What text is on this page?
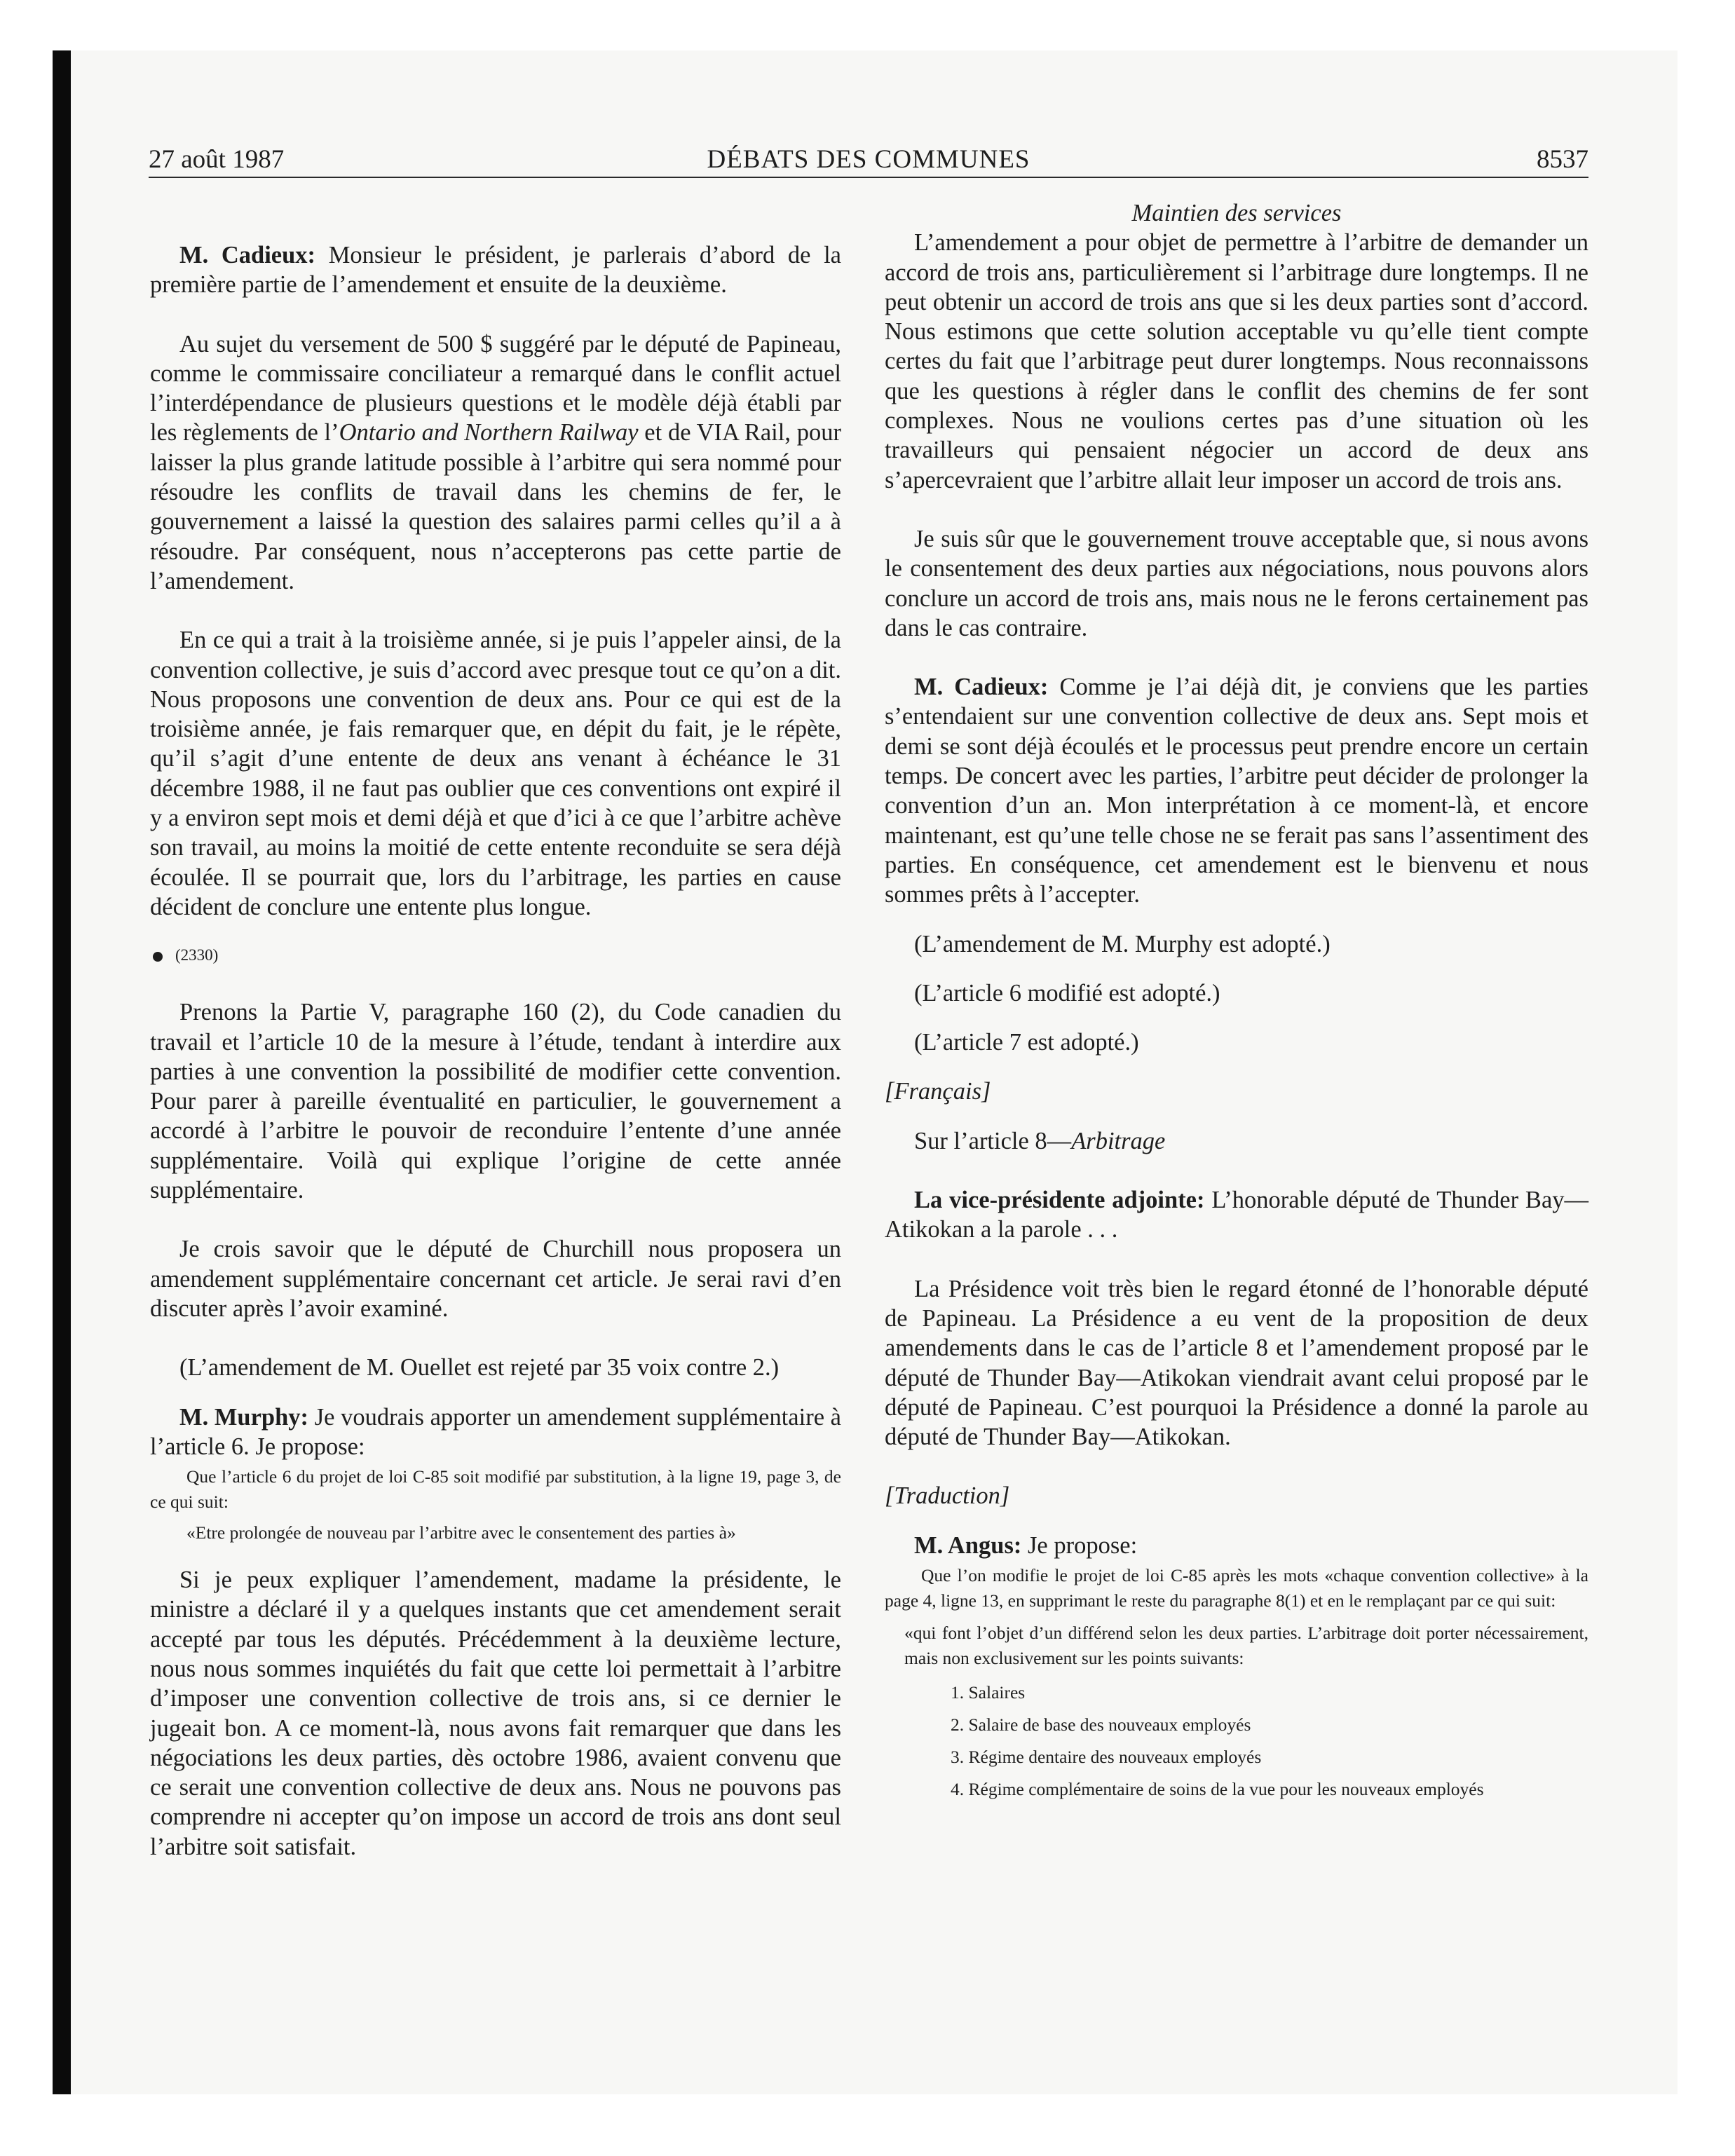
27 août 1987	DÉBATS DES COMMUNES	8537

M. Cadieux: Monsieur le président, je parlerais d’abord de la première partie de l’amendement et ensuite de la deuxième.

Au sujet du versement de 500 $ suggéré par le député de Papineau, comme le commissaire conciliateur a remarqué dans le conflit actuel l’interdépendance de plusieurs questions et le modèle déjà établi par les règlements de l’Ontario and Northern Railway et de VIA Rail, pour laisser la plus grande latitude possible à l’arbitre qui sera nommé pour résoudre les conflits de travail dans les chemins de fer, le gouvernement a laissé la question des salaires parmi celles qu’il a à résoudre. Par conséquent, nous n’accepterons pas cette partie de l’amendement.

En ce qui a trait à la troisième année, si je puis l’appeler ainsi, de la convention collective, je suis d’accord avec presque tout ce qu’on a dit. Nous proposons une convention de deux ans. Pour ce qui est de la troisième année, je fais remarquer que, en dépit du fait, je le répète, qu’il s’agit d’une entente de deux ans venant à échéance le 31 décembre 1988, il ne faut pas oublier que ces conventions ont expiré il y a environ sept mois et demi déjà et que d’ici à ce que l’arbitre achève son travail, au moins la moitié de cette entente reconduite se sera déjà écoulée. Il se pourrait que, lors du l’arbitrage, les parties en cause décident de conclure une entente plus longue.

(2330)

Prenons la Partie V, paragraphe 160 (2), du Code canadien du travail et l’article 10 de la mesure à l’étude, tendant à interdire aux parties à une convention la possibilité de modifier cette convention. Pour parer à pareille éventualité en particulier, le gouvernement a accordé à l’arbitre le pouvoir de reconduire l’entente d’une année supplémentaire. Voilà qui explique l’origine de cette année supplémentaire.

Je crois savoir que le député de Churchill nous proposera un amendement supplémentaire concernant cet article. Je serai ravi d’en discuter après l’avoir examiné.

(L’amendement de M. Ouellet est rejeté par 35 voix contre 2.)

M. Murphy: Je voudrais apporter un amendement supplémentaire à l’article 6. Je propose:

Que l’article 6 du projet de loi C-85 soit modifié par substitution, à la ligne 19, page 3, de ce qui suit:

«Etre prolongée de nouveau par l’arbitre avec le consentement des parties à»

Si je peux expliquer l’amendement, madame la présidente, le ministre a déclaré il y a quelques instants que cet amendement serait accepté par tous les députés. Précédemment à la deuxième lecture, nous nous sommes inquiétés du fait que cette loi permettait à l’arbitre d’imposer une convention collective de trois ans, si ce dernier le jugeait bon. A ce moment-là, nous avons fait remarquer que dans les négociations les deux parties, dès octobre 1986, avaient convenu que ce serait une convention collective de deux ans. Nous ne pouvons pas comprendre ni accepter qu’on impose un accord de trois ans dont seul l’arbitre soit satisfait.

Maintien des services

L’amendement a pour objet de permettre à l’arbitre de demander un accord de trois ans, particulièrement si l’arbitrage dure longtemps. Il ne peut obtenir un accord de trois ans que si les deux parties sont d’accord. Nous estimons que cette solution acceptable vu qu’elle tient compte certes du fait que l’arbitrage peut durer longtemps. Nous reconnaissons que les questions à régler dans le conflit des chemins de fer sont complexes. Nous ne voulions certes pas d’une situation où les travailleurs qui pensaient négocier un accord de deux ans s’apercevraient que l’arbitre allait leur imposer un accord de trois ans.

Je suis sûr que le gouvernement trouve acceptable que, si nous avons le consentement des deux parties aux négociations, nous pouvons alors conclure un accord de trois ans, mais nous ne le ferons certainement pas dans le cas contraire.

M. Cadieux: Comme je l’ai déjà dit, je conviens que les parties s’entendaient sur une convention collective de deux ans. Sept mois et demi se sont déjà écoulés et le processus peut prendre encore un certain temps. De concert avec les parties, l’arbitre peut décider de prolonger la convention d’un an. Mon interprétation à ce moment-là, et encore maintenant, est qu’une telle chose ne se ferait pas sans l’assentiment des parties. En conséquence, cet amendement est le bienvenu et nous sommes prêts à l’accepter.

(L’amendement de M. Murphy est adopté.)

(L’article 6 modifié est adopté.)

(L’article 7 est adopté.)

[Français]

Sur l’article 8—Arbitrage

La vice-présidente adjointe: L’honorable député de Thunder Bay—Atikokan a la parole . . .

La Présidence voit très bien le regard étonné de l’honorable député de Papineau. La Présidence a eu vent de la proposition de deux amendements dans le cas de l’article 8 et l’amendement proposé par le député de Thunder Bay—Atikokan viendrait avant celui proposé par le député de Papineau. C’est pourquoi la Présidence a donné la parole au député de Thunder Bay—Atikokan.

[Traduction]

M. Angus: Je propose:

Que l’on modifie le projet de loi C-85 après les mots «chaque convention collective» à la page 4, ligne 13, en supprimant le reste du paragraphe 8(1) et en le remplaçant par ce qui suit:

«qui font l’objet d’un différend selon les deux parties. L’arbitrage doit porter nécessairement, mais non exclusivement sur les points suivants:

1. Salaires
2. Salaire de base des nouveaux employés
3. Régime dentaire des nouveaux employés
4. Régime complémentaire de soins de la vue pour les nouveaux employés
